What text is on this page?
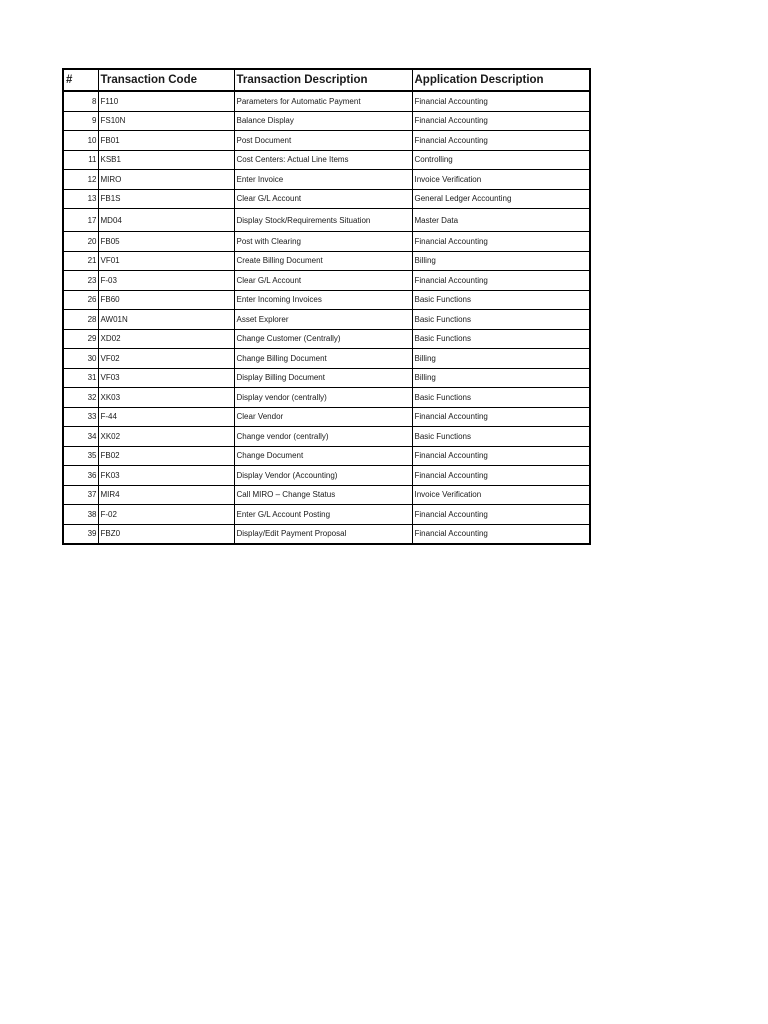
#	Transaction Code	Transaction Description	Application Description
8	F110	Parameters for Automatic Payment	Financial Accounting
9	FS10N	Balance Display	Financial Accounting
10	FB01	Post Document	Financial Accounting
11	KSB1	Cost Centers: Actual Line Items	Controlling
12	MIRO	Enter Invoice	Invoice Verification
13	FB1S	Clear G/L Account	General Ledger Accounting
17	MD04	Display Stock/Requirements Situation	Master Data
20	FB05	Post with Clearing	Financial Accounting
21	VF01	Create Billing Document	Billing
23	F-03	Clear G/L Account	Financial Accounting
26	FB60	Enter Incoming Invoices	Basic Functions
28	AW01N	Asset Explorer	Basic Functions
29	XD02	Change Customer (Centrally)	Basic Functions
30	VF02	Change Billing Document	Billing
31	VF03	Display Billing Document	Billing
32	XK03	Display vendor (centrally)	Basic Functions
33	F-44	Clear Vendor	Financial Accounting
34	XK02	Change vendor (centrally)	Basic Functions
35	FB02	Change Document	Financial Accounting
36	FK03	Display Vendor (Accounting)	Financial Accounting
37	MIR4	Call MIRO – Change Status	Invoice Verification
38	F-02	Enter G/L Account Posting	Financial Accounting
39	FBZ0	Display/Edit Payment Proposal	Financial Accounting
